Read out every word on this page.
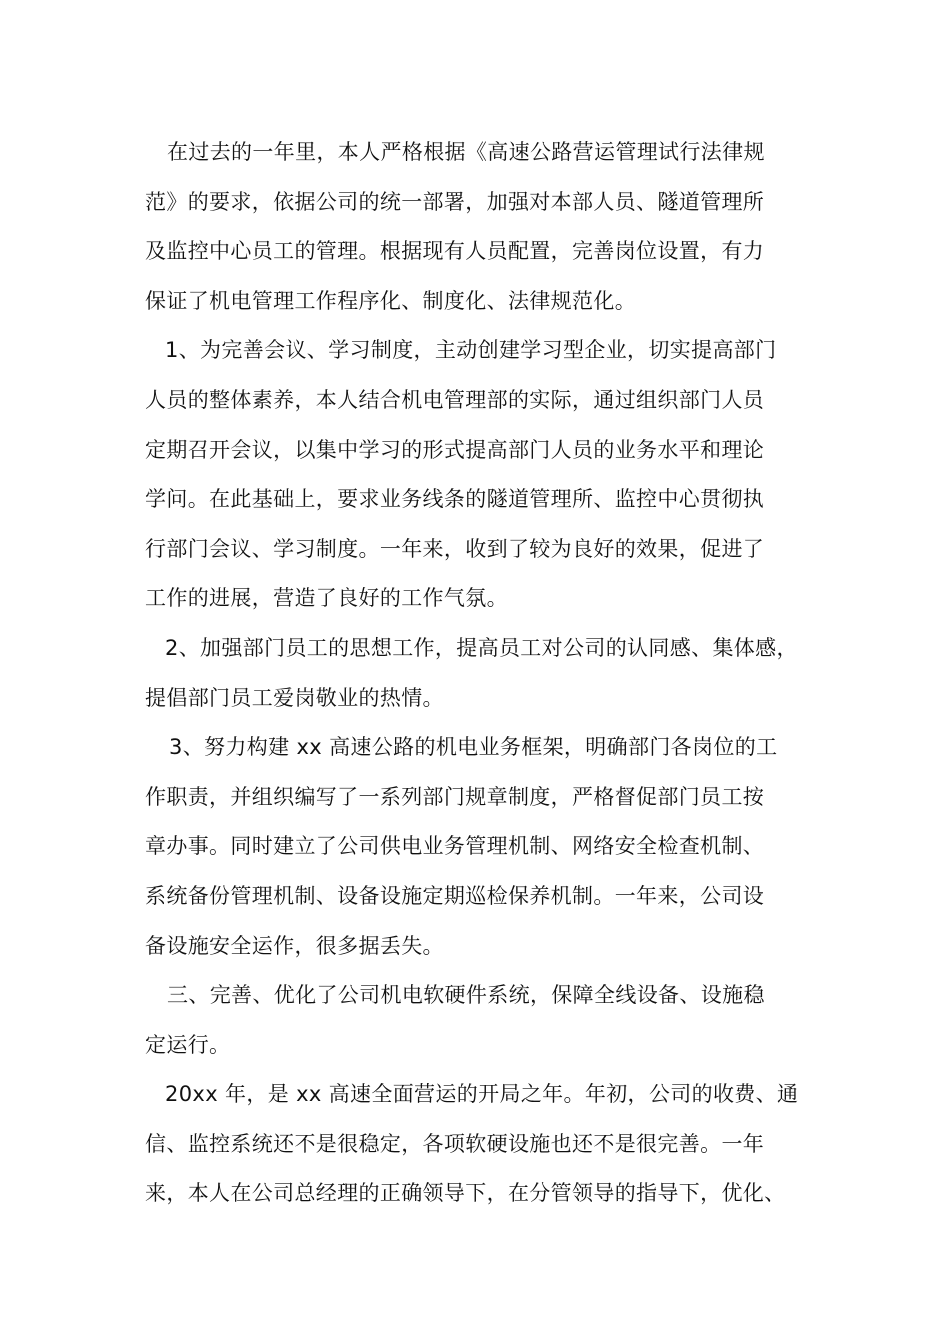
在过去的一年里，本人严格根据《高速公路营运管理试行法律规
范》的要求，依据公司的统一部署，加强对本部人员、隧道管理所
及监控中心员工的管理。根据现有人员配置，完善岗位设置，有力
保证了机电管理工作程序化、制度化、法律规范化。
1、为完善会议、学习制度，主动创建学习型企业，切实提高部门
人员的整体素养，本人结合机电管理部的实际，通过组织部门人员
定期召开会议，以集中学习的形式提高部门人员的业务水平和理论
学问。在此基础上，要求业务线条的隧道管理所、监控中心贯彻执
行部门会议、学习制度。一年来，收到了较为良好的效果，促进了
工作的进展，营造了良好的工作气氛。
2、加强部门员工的思想工作，提高员工对公司的认同感、集体感，
提倡部门员工爱岗敬业的热情。
3、努力构建 xx 高速公路的机电业务框架，明确部门各岗位的工
作职责，并组织编写了一系列部门规章制度，严格督促部门员工按
章办事。同时建立了公司供电业务管理机制、网络安全检查机制、
系统备份管理机制、设备设施定期巡检保养机制。一年来，公司设
备设施安全运作，很多据丢失。
三、完善、优化了公司机电软硬件系统，保障全线设备、设施稳
定运行。
20xx 年，是 xx 高速全面营运的开局之年。年初，公司的收费、通
信、监控系统还不是很稳定，各项软硬设施也还不是很完善。一年
来，本人在公司总经理的正确领导下，在分管领导的指导下，优化、
